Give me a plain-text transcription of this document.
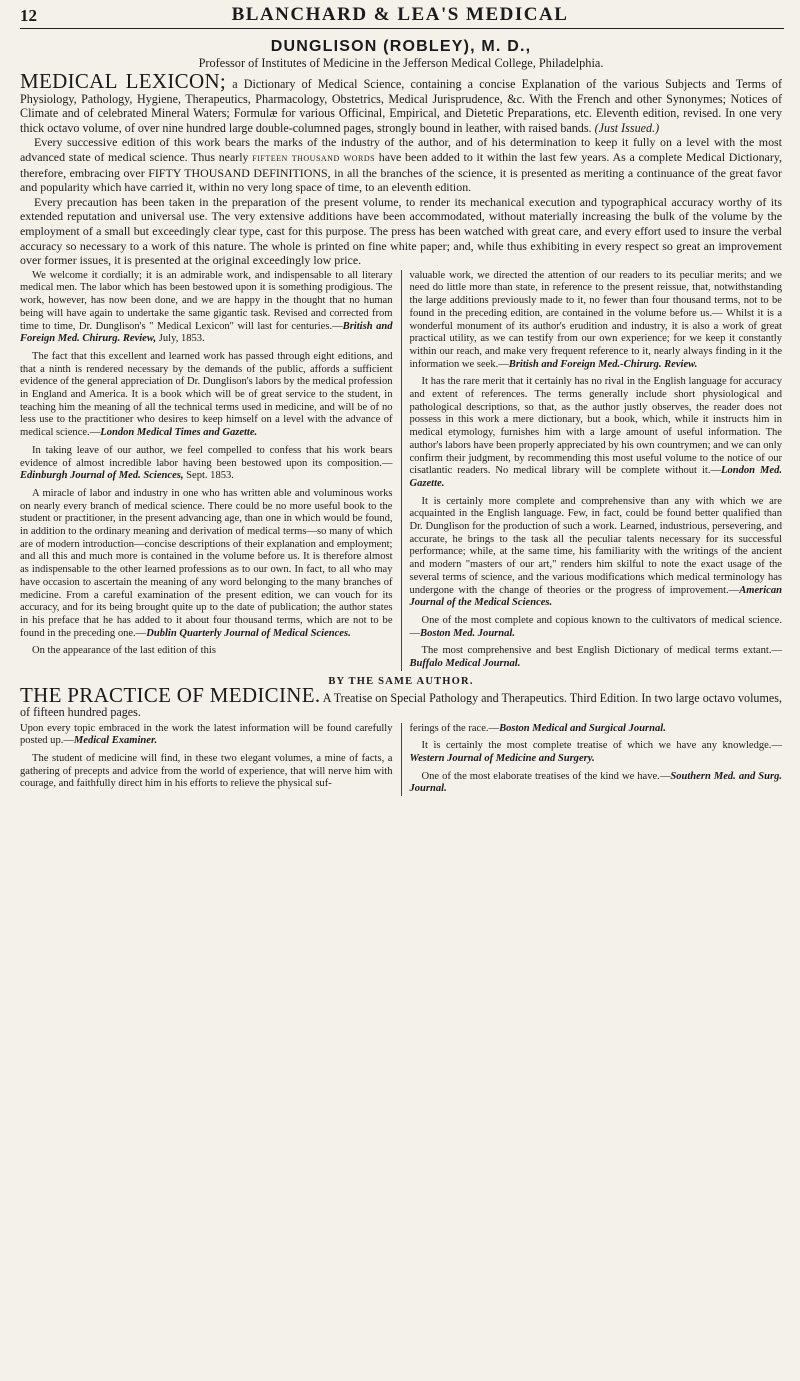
12	BLANCHARD & LEA'S MEDICAL
DUNGLISON (ROBLEY), M. D.,
Professor of Institutes of Medicine in the Jefferson Medical College, Philadelphia.

MEDICAL LEXICON; a Dictionary of Medical Science, containing a concise Explanation of the various Subjects and Terms of Physiology, Pathology, Hygiene, Therapeutics, Pharmacology, Obstetrics, Medical Jurisprudence, &c. With the French and other Synonymes; Notices of Climate and of celebrated Mineral Waters; Formulæ for various Officinal, Empirical, and Dietetic Preparations, etc. Eleventh edition, revised. In one very thick octavo volume, of over nine hundred large double-columned pages, strongly bound in leather, with raised bands. (Just Issued.)

Every successive edition of this work bears the marks of the industry of the author, and of his determination to keep it fully on a level with the most advanced state of medical science. Thus nearly fifteen thousand words have been added to it within the last few years. As a complete Medical Dictionary, therefore, embracing over FIFTY THOUSAND DEFINITIONS, in all the branches of the science, it is presented as meriting a continuance of the great favor and popularity which have carried it, within no very long space of time, to an eleventh edition.

Every precaution has been taken in the preparation of the present volume, to render its mechanical execution and typographical accuracy worthy of its extended reputation and universal use. The very extensive additions have been accommodated, without materially increasing the bulk of the volume by the employment of a small but exceedingly clear type, cast for this purpose. The press has been watched with great care, and every effort used to insure the verbal accuracy so necessary to a work of this nature. The whole is printed on fine white paper; and, while thus exhibiting in every respect so great an improvement over former issues, it is presented at the original exceedingly low price.

We welcome it cordially; it is an admirable work, and indispensable to all literary medical men. The labor which has been bestowed upon it is something prodigious. The work, however, has now been done, and we are happy in the thought that no human being will have again to undertake the same gigantic task. Revised and corrected from time to time, Dr. Dunglison's " Medical Lexicon" will last for centuries.—British and Foreign Med. Chirurg. Review, July, 1853.

The fact that this excellent and learned work has passed through eight editions, and that a ninth is rendered necessary by the demands of the public, affords a sufficient evidence of the general appreciation of Dr. Dunglison's labors by the medical profession in England and America. It is a book which will be of great service to the student, in teaching him the meaning of all the technical terms used in medicine, and will be of no less use to the practitioner who desires to keep himself on a level with the advance of medical science.—London Medical Times and Gazette.

In taking leave of our author, we feel compelled to confess that his work bears evidence of almost incredible labor having been bestowed upon its composition.—Edinburgh Journal of Med. Sciences, Sept. 1853.

A miracle of labor and industry in one who has written able and voluminous works on nearly every branch of medical science. There could be no more useful book to the student or practitioner, in the present advancing age, than one in which would be found, in addition to the ordinary meaning and derivation of medical terms—so many of which are of modern introduction—concise descriptions of their explanation and employment; and all this and much more is contained in the volume before us. It is therefore almost as indispensable to the other learned professions as to our own. In fact, to all who may have occasion to ascertain the meaning of any word belonging to the many branches of medicine. From a careful examination of the present edition, we can vouch for its accuracy, and for its being brought quite up to the date of publication; the author states in his preface that he has added to it about four thousand terms, which are not to be found in the preceding one.—Dublin Quarterly Journal of Medical Sciences.

On the appearance of the last edition of this

valuable work, we directed the attention of our readers to its peculiar merits; and we need do little more than state, in reference to the present reissue, that, notwithstanding the large additions previously made to it, no fewer than four thousand terms, not to be found in the preceding edition, are contained in the volume before us.— Whilst it is a wonderful monument of its author's erudition and industry, it is also a work of great practical utility, as we can testify from our own experience; for we keep it constantly within our reach, and make very frequent reference to it, nearly always finding in it the information we seek.—British and Foreign Med.-Chirurg. Review.

It has the rare merit that it certainly has no rival in the English language for accuracy and extent of references. The terms generally include short physiological and pathological descriptions, so that, as the author justly observes, the reader does not possess in this work a mere dictionary, but a book, which, while it instructs him in medical etymology, furnishes him with a large amount of useful information. The author's labors have been properly appreciated by his own countrymen; and we can only confirm their judgment, by recommending this most useful volume to the notice of our cisatlantic readers. No medical library will be complete without it.—London Med. Gazette.

It is certainly more complete and comprehensive than any with which we are acquainted in the English language. Few, in fact, could be found better qualified than Dr. Dunglison for the production of such a work. Learned, industrious, persevering, and accurate, he brings to the task all the peculiar talents necessary for its successful performance; while, at the same time, his familiarity with the writings of the ancient and modern "masters of our art," renders him skilful to note the exact usage of the several terms of science, and the various modifications which medical terminology has undergone with the change of theories or the progress of improvement.—American Journal of the Medical Sciences.

One of the most complete and copious known to the cultivators of medical science.—Boston Med. Journal.

The most comprehensive and best English Dictionary of medical terms extant.—Buffalo Medical Journal.

BY THE SAME AUTHOR.

THE PRACTICE OF MEDICINE. A Treatise on Special Pathology and Therapeutics. Third Edition. In two large octavo volumes, of fifteen hundred pages.

Upon every topic embraced in the work the latest information will be found carefully posted up.—Medical Examiner.

The student of medicine will find, in these two elegant volumes, a mine of facts, a gathering of precepts and advice from the world of experience, that will nerve him with courage, and faithfully direct him in his efforts to relieve the physical suf-

ferings of the race.—Boston Medical and Surgical Journal.

It is certainly the most complete treatise of which we have any knowledge.—Western Journal of Medicine and Surgery.

One of the most elaborate treatises of the kind we have.—Southern Med. and Surg. Journal.
